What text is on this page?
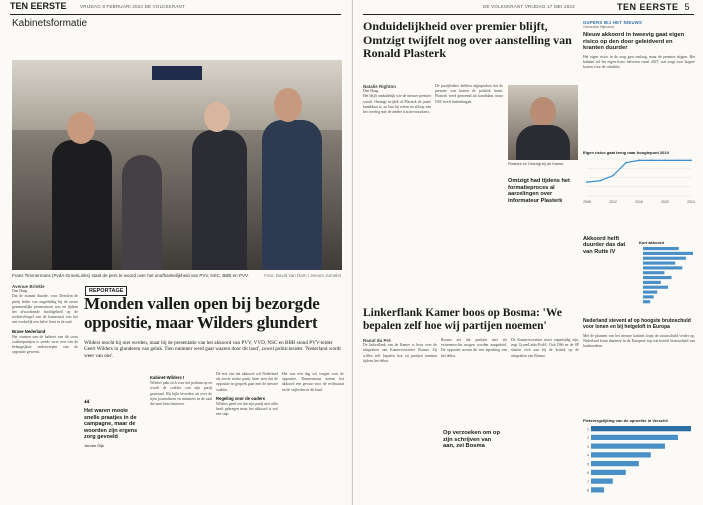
TEN EERSTE	VRIJDAG 8 FEBRUARI 2024 DE VOLKSKRANT
Kabinetsformatie
Frans Timmermans (PvdA-GroenLinks) staat de pers te woord over het onafhankelijkheid van PVV, NSC, BBB en PVV.	Foto: David van Dam / Jeroen Jumelet
Avenue Brinkle
Den Haag
Dat de minuut duurde, voor Deeslein de partij leider van ongeduldig bij de eerste gezamenlijke persmoment was en tijdens het afwachtende hoofdgebied op de rechtervleugel van de kamerzaal was het een werkelijk een halve feest in de zaal.
Brave Nederland
Het vormen van de kabinet van dit soort coalitiepartijen is steeds weer een van de belangrijkste onderwerpen van de oppositie geweest.
REPORTAGE
Monden vallen open bij bezorgde oppositie, maar Wilders glundert
Wilders mocht bij niet werden, maar bij de presentatie van het akkoord van PVV, VVD, NSC en BBB stond PVV-leider Geert Wilders in glunderen van geluk. Tien nummer werd gaat waaren door dit land', zowel politicinsider. 'Nederland wordt weer van ons'.
“
Het waren mooie snelle praatjes in de campagne, maar de woorden zijn ergens zorg gevoeld
Jeroen Dijk
Kabinet-Wilders I
Wilders pakt zich voor het podium op en wordt de coalitie van zijn partij gesteund. Hij kijkt tevreden uit over de rijen journalisten en ministers in de zaal die naar hem luisteren.
De rest van het akkoord wil Nederland als eerste sterke partij laten zien dat de oppositie in gesprek gaat met de nieuwe coalitie.
Regeling voor de ouders
Wilders geeft toe dat zijn partij niet alles heeft gekregen maar het akkoord is wel een stap.
Het was een dag vol vragen voor de oppositie. Timmermans noemt het akkoord een gevaar voor de rechtsstaat en de vrijheden in dit land.
DE VOLKSKRANT VRIJDAG 17 MEI 2024	TEN EERSTE 5
Onduidelijkheid over premier blijft, Omtzigt twijfelt nog over aanstelling van Ronald Plasterk
Natalie Righton
Den Haag
Het blijft onduidelijk wie de nieuwe premier wordt. Omtzigt twijfelt of Plasterk de juiste kandidaat is, zo laat hij weten na afloop van het overleg met de andere fractievoorzitters.
De partijleiders hebben afgesproken dat de premier van buiten de politiek komt. Plasterk werd genoemd als kandidaat, maar NSC heeft bedenkingen.
Plasterk en Omtzigt bij de Kamer.
Omtzigt had tijdens het formatieproces al aarzelingen over informateur Plasterk
GUPERS BIJ HET NIEUWS
Gerardus Nijmand
Nieuw akkoord in tweevig gaat eigen risico op den door geleidverd en kranten duurder
Het eigen risico in de zorg gaat omlaag, maar de premies stijgen. Het kabinet wil het eigen risico halveren vanaf 2027, wat zorgt voor hogere kosten voor de schatkist.
Eigen risico gaat terug naar hoogtepunt 2019
2008	2012	2016	2020	2024
Akkoord helft duurder das dat van Rutte IV
Kort akkoord
Linkerflank Kamer boos op Bosma: 'We bepalen zelf hoe wij partijen noemen'
Raoul du Pré
De linkerflank van de Kamer is boos over de uitspraken van Kamervoorzitter Bosma. Zij willen zelf bepalen hoe zij partijen noemen tijdens het debat.
Bosma zei dat partijen niet als extreemrechts mogen worden aangeduid. De oppositie noemt dit een inperking van het debat.
Op verzoeken om op zijn schrijven van aan, zei Bosma
De Kamervoorzitter moet onpartijdig zijn, zegt GroenLinks-PvdA. Ook D66 en de SP sluiten zich aan bij de kritiek op de uitspraken van Bosma.
Nederland stevent af op hoogste brutoschuld voor lonen en bij hetgeloft in Europa
Met de plannen van het nieuwe kabinet loopt de staatsschuld verder op. Nederland komt daarmee in de Europese top wat betreft brutoschuld van huishoudens.
Fietsvergelijking van de oproeller in Verschil
1
2
3
4
5
6
7
8
